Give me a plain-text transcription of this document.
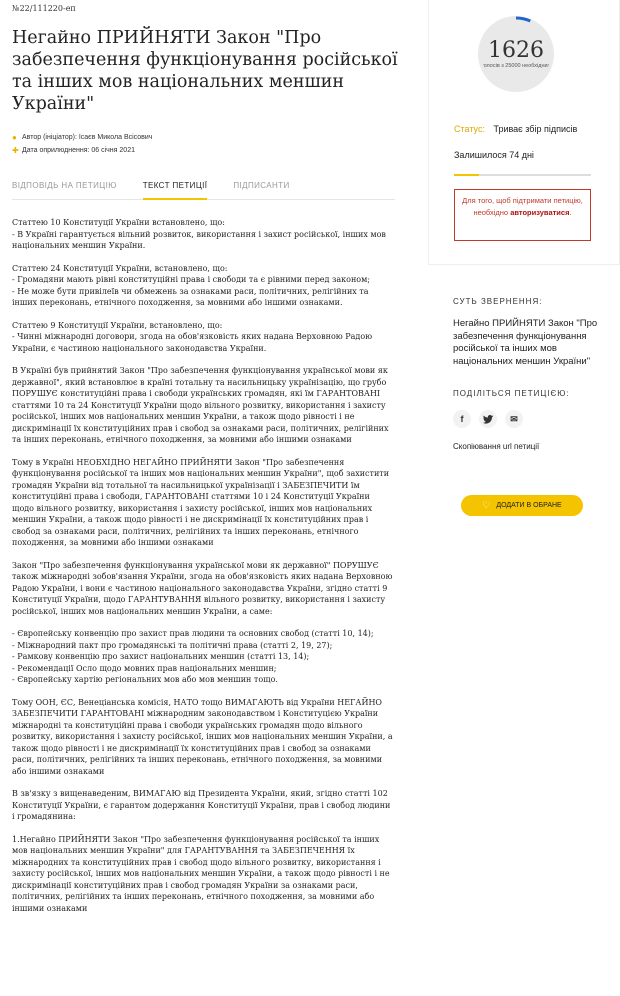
№22/111220-еп
Негайно ПРИЙНЯТИ Закон "Про забезпечення функціонування російської та інших мов національних меншин України"
● Автор (ініціатор): Ісаєв Микола Всісович
✚ Дата оприлюднення: 06 січня 2021
ВІДПОВІДЬ НА ПЕТИЦІЮ	ТЕКСТ ПЕТИЦІЇ	ПІДПИСАНТИ

Статтею 10 Конституції України встановлено, що:
- В Україні гарантується вільний розвиток, використання і захист російської, інших мов національних меншин України.

Статтею 24 Конституції України, встановлено, що:
- Громадяни мають рівні конституційні права і свободи та є рівними перед законом;
- Не може бути привілеїв чи обмежень за ознаками раси, політичних, релігійних та інших переконань, етнічного походження, за мовними або іншими ознаками.

Статтею 9 Конституції України, встановлено, що:
- Чинні міжнародні договори, згода на обов'язковість яких надана Верховною Радою України, є частиною національного законодавства України.

В Україні був прийнятий Закон "Про забезпечення функціонування української мови як державної", який встановлює в країні тотальну та насильницьку українізацію, що грубо ПОРУШУЄ конституційні права і свободи українських громадян, які їм ГАРАНТОВАНІ статтями 10 та 24 Конституції України щодо вільного розвитку, використання і захисту російської, інших мов національних меншин України, а також щодо рівності і не дискримінації їх конституційних прав і свобод за ознаками раси, політичних, релігійних та інших переконань, етнічного походження, за мовними або іншими ознаками

Тому в Україні НЕОБХІДНО НЕГАЙНО ПРИЙНЯТИ Закон "Про забезпечення функціонування російської та інших мов національних меншин України", щоб захистити громадян України від тотальної та насильницької українізації і ЗАБЕЗПЕЧИТИ їм конституційні права і свободи, ГАРАНТОВАНІ статтями 10 і 24 Конституції України щодо вільного розвитку, використання і захисту російської, інших мов національних меншин України, а також щодо рівності і не дискримінації їх конституційних прав і свобод за ознаками раси, політичних, релігійних та інших переконань, етнічного походження, за мовними або іншими ознаками

Закон "Про забезпечення функціонування української мови як державної" ПОРУШУЄ також міжнародні зобов'язання України, згода на обов'язковість яких надана Верховною Радою України, і вони є частиною національного законодавства України, згідно статті 9 Конституції України, щодо ГАРАНТУВАННЯ вільного розвитку, використання і захисту російської, інших мов національних меншин України, а саме:

- Європейську конвенцію про захист прав людини та основних свобод (статті 10, 14);
- Міжнародний пакт про громадянські та політичні права (статті 2, 19, 27);
- Рамкову конвенцію про захист національних меншин (статті 13, 14);
- Рекомендації Осло щодо мовних прав національних меншин;
- Європейську хартію регіональних мов або мов меншин тощо.

Тому ООН, ЄС, Венеціанська комісія, НАТО тощо ВИМАГАЮТЬ від України НЕГАЙНО ЗАБЕЗПЕЧИТИ ГАРАНТОВАНІ міжнародним законодавством і Конституцією України міжнародні та конституційні права і свободи українських громадян щодо вільного розвитку, використання і захисту російської, інших мов національних меншин України, а також щодо рівності і не дискримінації їх конституційних прав і свобод за ознаками раси, політичних, релігійних та інших переконань, етнічного походження, за мовними або іншими ознаками

В зв'язку з вищенаведеним, ВИМАГАЮ від Президента України, який, згідно статті 102 Конституції України, є гарантом додержання Конституції України, прав і свобод людини і громадянина:

1.Негайно ПРИЙНЯТИ Закон "Про забезпечення функціонування російської та інших мов національних меншин України" для ГАРАНТУВАННЯ та ЗАБЕЗПЕЧЕННЯ їх міжнародних та конституційних прав і свобод щодо вільного розвитку, використання і захисту російської, інших мов національних меншин України, а також щодо рівності і не дискримінації конституційних прав і свобод громадян України за ознаками раси, політичних, релігійних та інших переконань, етнічного походження, за мовними або іншими ознаками

1626
голосів з 25000 необхідних
Статус: Триває збір підписів
Залишилося 74 дні
Для того, щоб підтримати петицію, необхідно авторизуватися.
СУТЬ ЗВЕРНЕННЯ:
Негайно ПРИЙНЯТИ Закон "Про забезпечення функціонування російської та інших мов національних меншин України"
ПОДІЛІТЬСЯ ПЕТИЦІЄЮ:
f	✉
Скопіювання url петиції
♡ ДОДАТИ В ОБРАНЕ
